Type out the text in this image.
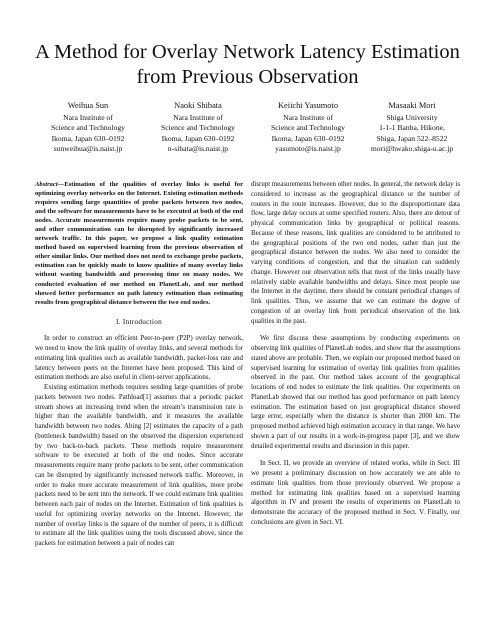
A Method for Overlay Network Latency Estimation
from Previous Observation
Weihua Sun
Nara Institute of
Science and Technology
Ikoma, Japan 630–0192
sunweihua@is.naist.jp
Naoki Shibata
Nara Institute of
Science and Technology
Ikoma, Japan 630–0192
n-sibata@is.naist.jp
Keiichi Yasumoto
Nara Institute of
Science and Technology
Ikoma, Japan 630–0192
yasumoto@is.naist.jp
Masaaki Mori
Shiga University
1-1-1 Banba, Hikone,
Shiga, Japan 522–8522
mori@hwako.shiga-u.ac.jp
Abstract—Estimation of the qualities of overlay links is useful for optimizing overlay networks on the Internet. Existing estimation methods requires sending large quantities of probe packets between two nodes, and the software for measurements have to be executed at both of the end nodes. Accurate measurements require many probe packets to be sent, and other communication can be disrupted by significantly increased network traffic. In this paper, we propose a link quality estimation method based on supervised learning from the previous observation of other similar links. Our method does not need to exchange probe packets, estimation can be quickly made to know qualities of many overlay links without wasting bandwidth and processing time on many nodes. We conducted evaluation of our method on PlanetLab, and our method showed better performance on path latency estimation than estimating results from geographical distance between the two end nodes.
I. Introduction

In order to construct an efficient Peer-to-peer (P2P) overlay network, we need to know the link quality of overlay links, and several methods for estimating link qualities such as available bandwidth, packet-loss rate and latency between peers on the Internet have been proposed. This kind of estimation methods are also useful in client-server applications.

Existing estimation methods requires sending large quantities of probe packets between two nodes. Pathload[1] assumes that a periodic packet stream shows an increasing trend when the stream’s transmission rate is higher than the available bandwidth, and it measures the available bandwidth between two nodes. Abing [2] estimates the capacity of a path (bottleneck bandwidth) based on the observed the dispersion experienced by two back-to-back packets. These methods require measurement software to be executed at both of the end nodes. Since accurate measurements require many probe packets to be sent, other communication can be disrupted by significantly increased network traffic. Moreover, in order to make more accurate measurement of link qualities, more probe packets need to be sent into the network. If we could estimate link qualities between each pair of nodes on the Internet. Estimation of link qualities is useful for optimizing overlay networks on the Internet. However, the number of overlay links is the square of the number of peers, it is difficult to estimate all the link qualities using the tools discussed above, since the packets for estimation between a pair of nodes can

disrupt measurements between other nodes. In general, the network delay is considered to increase as the geographical distance or the number of routers in the route increases. However, due to the disproportionate data flow, large delay occurs at some specified routers. Also, there are detour of physical communication links by geographical or political reasons. Because of these reasons, link qualities are considered to be attributed to the geographical positions of the two end nodes, rather than just the geographical distance between the nodes. We also need to consider the varying conditions of congestion, and that the situation can suddenly change. However our observation tells that most of the links usually have relatively stable available bandwidths and delays. Since most people use the Internet in the daytime, there should be constant periodical changes of link qualities. Thus, we assume that we can estimate the degree of congestion of an overlay link from periodical observation of the link qualities in the past.

We first discuss these assumptions by conducting experiments on observing link qualities of PlanetLab nodes, and show that the assumptions stated above are probable. Then, we explain our proposed method based on supervised learning for estimation of overlay link qualities from qualities observed in the past. Our method takes account of the geographical locations of end nodes to estimate the link qualities. Our experiments on PlanetLab showed that our method has good performance on path latency estimation. The estimation based on just geographical distance showed large error, especially when the distance is shorter than 2000 km. The proposed method achieved high estimation accuracy in that range. We have shown a part of our results in a work-in-progress paper [3], and we show detailed experimental results and discussion in this paper.

In Sect. II, we provide an overview of related works, while in Sect. III we present a preliminary discussion on how accurately we are able to estimate link qualities from those previously observed. We propose a method for estimating link qualities based on a supervised learning algorithm in IV and present the results of experiments on PlanetLab to demonstrate the accuracy of the proposed method in Sect. V. Finally, our conclusions are given in Sect. VI.
